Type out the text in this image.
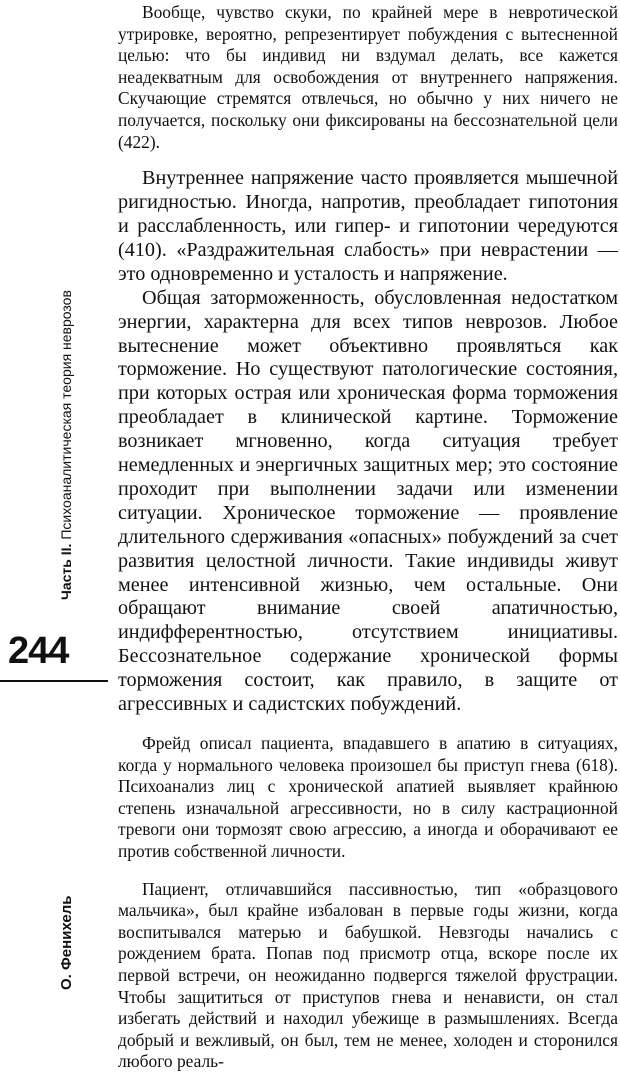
Часть II. Психоаналитическая теория неврозов
244
О. Фенихель

Вообще, чувство скуки, по крайней мере в невротической утрировке, вероятно, репрезентирует побуждения с вытесненной целью: что бы индивид ни вздумал делать, все кажется неадекватным для освобождения от внутреннего напряжения. Скучающие стремятся отвлечься, но обычно у них ничего не получается, поскольку они фиксированы на бессознательной цели (422).

Внутреннее напряжение часто проявляется мышечной ригидностью. Иногда, напротив, преобладает гипотония и расслабленность, или гипер- и гипотонии чередуются (410). «Раздражительная слабость» при неврастении — это одновременно и усталость и напряжение.

Общая заторможенность, обусловленная недостатком энергии, характерна для всех типов неврозов. Любое вытеснение может объективно проявляться как торможение. Но существуют патологические состояния, при которых острая или хроническая форма торможения преобладает в клинической картине. Торможение возникает мгновенно, когда ситуация требует немедленных и энергичных защитных мер; это состояние проходит при выполнении задачи или изменении ситуации. Хроническое торможение — проявление длительного сдерживания «опасных» побуждений за счет развития целостной личности. Такие индивиды живут менее интенсивной жизнью, чем остальные. Они обращают внимание своей апатичностью, индифферентностью, отсутствием инициативы. Бессознательное содержание хронической формы торможения состоит, как правило, в защите от агрессивных и садистских побуждений.

Фрейд описал пациента, впадавшего в апатию в ситуациях, когда у нормального человека произошел бы приступ гнева (618). Психоанализ лиц с хронической апатией выявляет крайнюю степень изначальной агрессивности, но в силу кастрационной тревоги они тормозят свою агрессию, а иногда и оборачивают ее против собственной личности.

Пациент, отличавшийся пассивностью, тип «образцового мальчика», был крайне избалован в первые годы жизни, когда воспитывался матерью и бабушкой. Невзгоды начались с рождением брата. Попав под присмотр отца, вскоре после их первой встречи, он неожиданно подвергся тяжелой фрустрации. Чтобы защититься от приступов гнева и ненависти, он стал избегать действий и находил убежище в размышлениях. Всегда добрый и вежливый, он был, тем не менее, холоден и сторонился любого реаль-
